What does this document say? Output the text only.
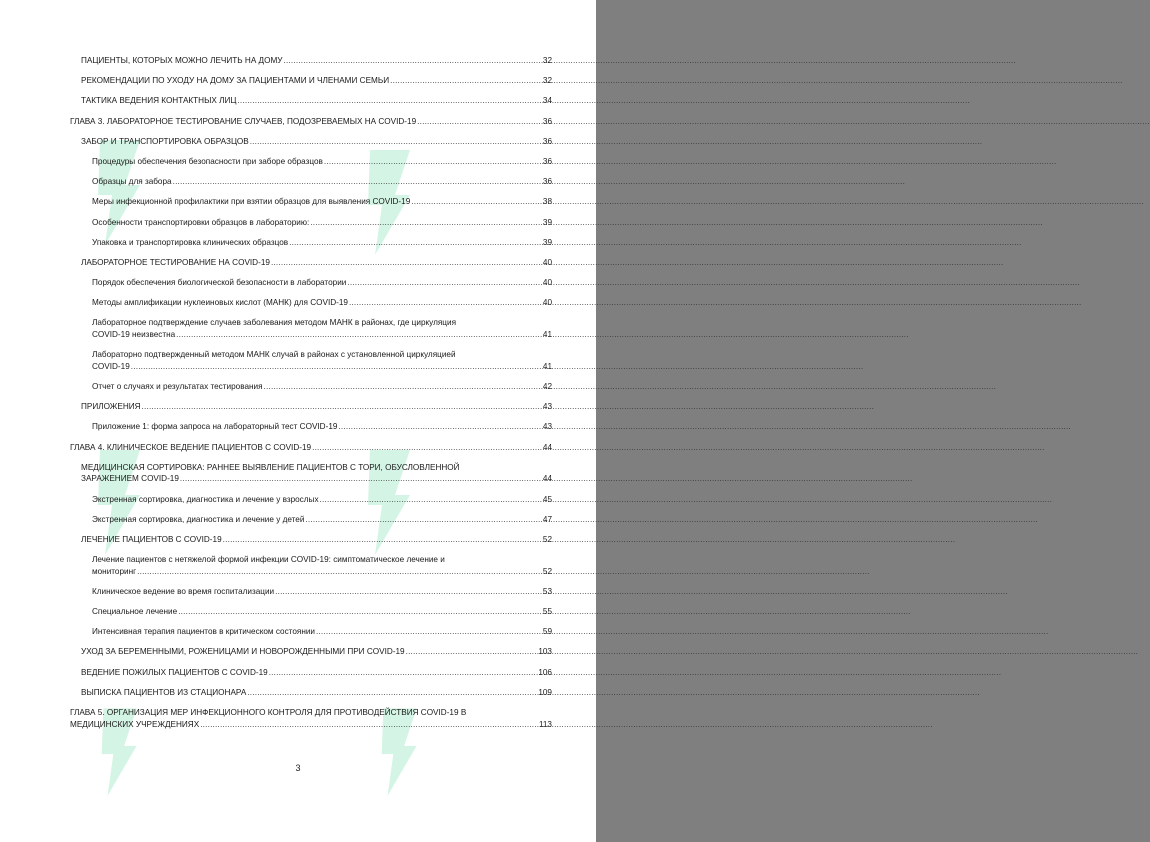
ПАЦИЕНТЫ, КОТОРЫХ МОЖНО ЛЕЧИТЬ НА ДОМУ .....	32
РЕКОМЕНДАЦИИ ПО УХОДУ НА ДОМУ ЗА ПАЦИЕНТАМИ И ЧЛЕНАМИ СЕМЬИ .....	32
ТАКТИКА ВЕДЕНИЯ КОНТАКТНЫХ ЛИЦ .....	34
ГЛАВА 3. ЛАБОРАТОРНОЕ ТЕСТИРОВАНИЕ СЛУЧАЕВ, ПОДОЗРЕВАЕМЫХ НА COVID-19 .....	36
ЗАБОР И ТРАНСПОРТИРОВКА ОБРАЗЦОВ .....	36
Процедуры обеспечения безопасности при заборе образцов .....	36
Образцы для забора .....	36
Меры инфекционной профилактики при взятии образцов для выявления COVID-19 .....	38
Особенности транспортировки образцов в лабораторию: .....	39
Упаковка и транспортировка клинических образцов .....	39
ЛАБОРАТОРНОЕ ТЕСТИРОВАНИЕ НА COVID-19 .....	40
Порядок обеспечения биологической безопасности в лаборатории .....	40
Методы амплификации нуклеиновых кислот (МАНК) для COVID-19 .....	40
Лабораторное подтверждение случаев заболевания методом МАНК в районах, где циркуляция
COVID-19 неизвестна .....	41
Лабораторно подтвержденный методом МАНК случай в районах с установленной циркуляцией
COVID-19 .....	41
Отчет о случаях и результатах тестирования .....	42
ПРИЛОЖЕНИЯ .....	43
Приложение 1: форма запроса на лабораторный тест COVID-19 .....	43
ГЛАВА 4. КЛИНИЧЕСКОЕ ВЕДЕНИЕ ПАЦИЕНТОВ С COVID-19 .....	44
МЕДИЦИНСКАЯ СОРТИРОВКА: РАННЕЕ ВЫЯВЛЕНИЕ ПАЦИЕНТОВ С ТОРИ, ОБУСЛОВЛЕННОЙ
ЗАРАЖЕНИЕМ COVID-19 .....	44
Экстренная сортировка, диагностика и лечение у взрослых .....	45
Экстренная сортировка, диагностика и лечение у детей .....	47
ЛЕЧЕНИЕ ПАЦИЕНТОВ С COVID-19 .....	52
Лечение пациентов с нетяжелой формой инфекции COVID-19: симптоматическое лечение и
мониторинг .....	52
Клиническое ведение во время госпитализации .....	53
Специальное лечение .....	55
Интенсивная терапия пациентов в критическом состоянии .....	59
УХОД ЗА БЕРЕМЕННЫМИ, РОЖЕНИЦАМИ И НОВОРОЖДЕННЫМИ ПРИ COVID-19 .....	103
ВЕДЕНИЕ ПОЖИЛЫХ ПАЦИЕНТОВ С COVID-19 .....	106
ВЫПИСКА ПАЦИЕНТОВ ИЗ СТАЦИОНАРА .....	109
ГЛАВА 5. ОРГАНИЗАЦИЯ МЕР ИНФЕКЦИОННОГО КОНТРОЛЯ ДЛЯ ПРОТИВОДЕЙСТВИЯ COVID-19 В
МЕДИЦИНСКИХ УЧРЕЖДЕНИЯХ .....	113
3
